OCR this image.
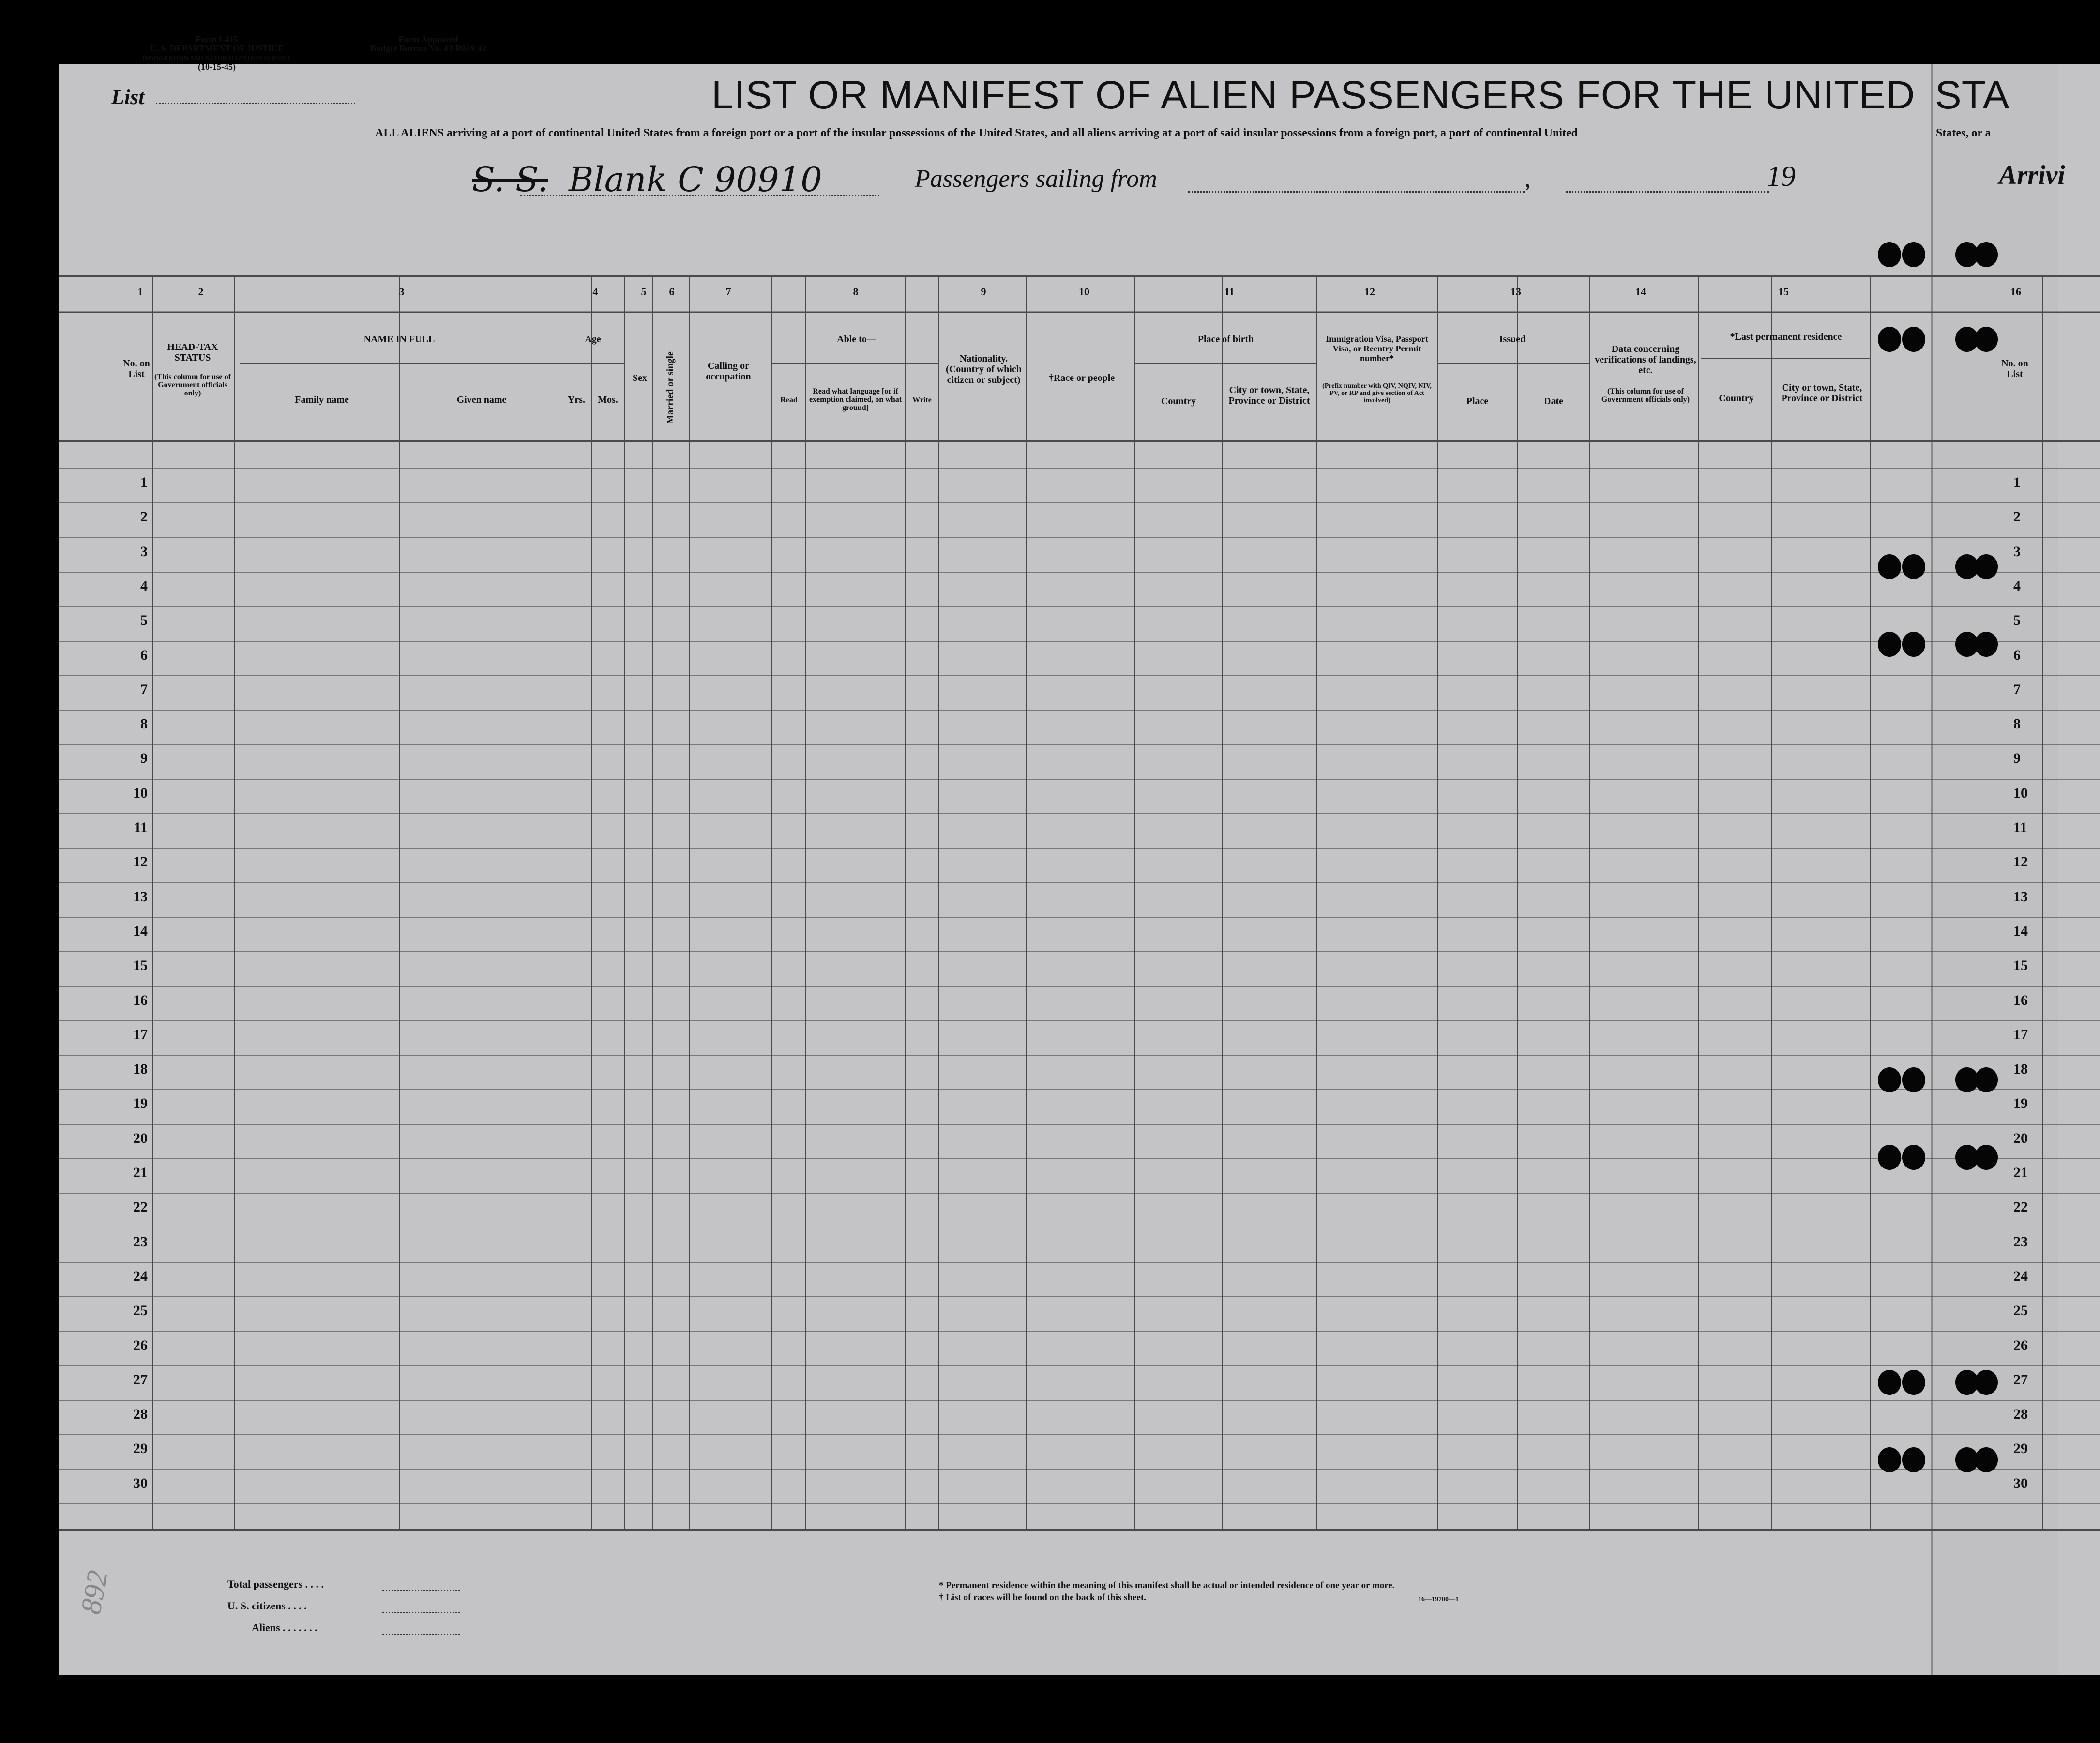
Form I-415
U. S. DEPARTMENT OF JUSTICE
IMMIGRATION AND NATURALIZATION SERVICE
(10-15-45)
Form Approved
Budget Bureau No. 43-R019-42
List	LIST OR MANIFEST OF ALIEN PASSENGERS FOR THE UNITED STA
ALL ALIENS arriving at a port of continental United States from a foreign port or a port of the insular possessions of the United States, and all aliens arriving at a port of said insular possessions from a foreign port, a port of continental United	States, or a
S. S. Blank C 90910	Passengers sailing from	,	19	Arrivi
1	2	3	4	5	6	7	8	9	10	11	12	13	14	15	16
No. on List
HEAD-TAX STATUS
(This column for use of Government officials only)
NAME IN FULL
Family name	Given name
Age
Yrs.	Mos.
Sex	Married or single	Calling or occupation
Able to—
Read
Read what language [or if exemption claimed, on what ground]
Write
Nationality. (Country of which citizen or subject)	†Race or people
Place of birth
Country
City or town, State, Province or District
Immigration Visa, Passport Visa, or Reentry Permit number*
(Prefix number with QIV, NQIV, NIV, PV, or RP and give section of Act involved)
Issued
Place	Date
Data concerning verifications of landings, etc.
(This column for use of Government officials only)
*Last permanent residence
Country
City or town, State, Province or District
No. on List
1	1
2	2
3	3
4	4
5	5
6	6
7	7
8	8
9	9
10	10
11	11
12	12
13	13
14	14
15	15
16	16
17	17
18	18
19	19
20	20
21	21
22	22
23	23
24	24
25	25
26	26
27	27
28	28
29	29
30	30
Total passengers . . . .
U. S. citizens . . . .
Aliens . . . . . . .
* Permanent residence within the meaning of this manifest shall be actual or intended residence of one year or more.
† List of races will be found on the back of this sheet.	16—19700—1
892
